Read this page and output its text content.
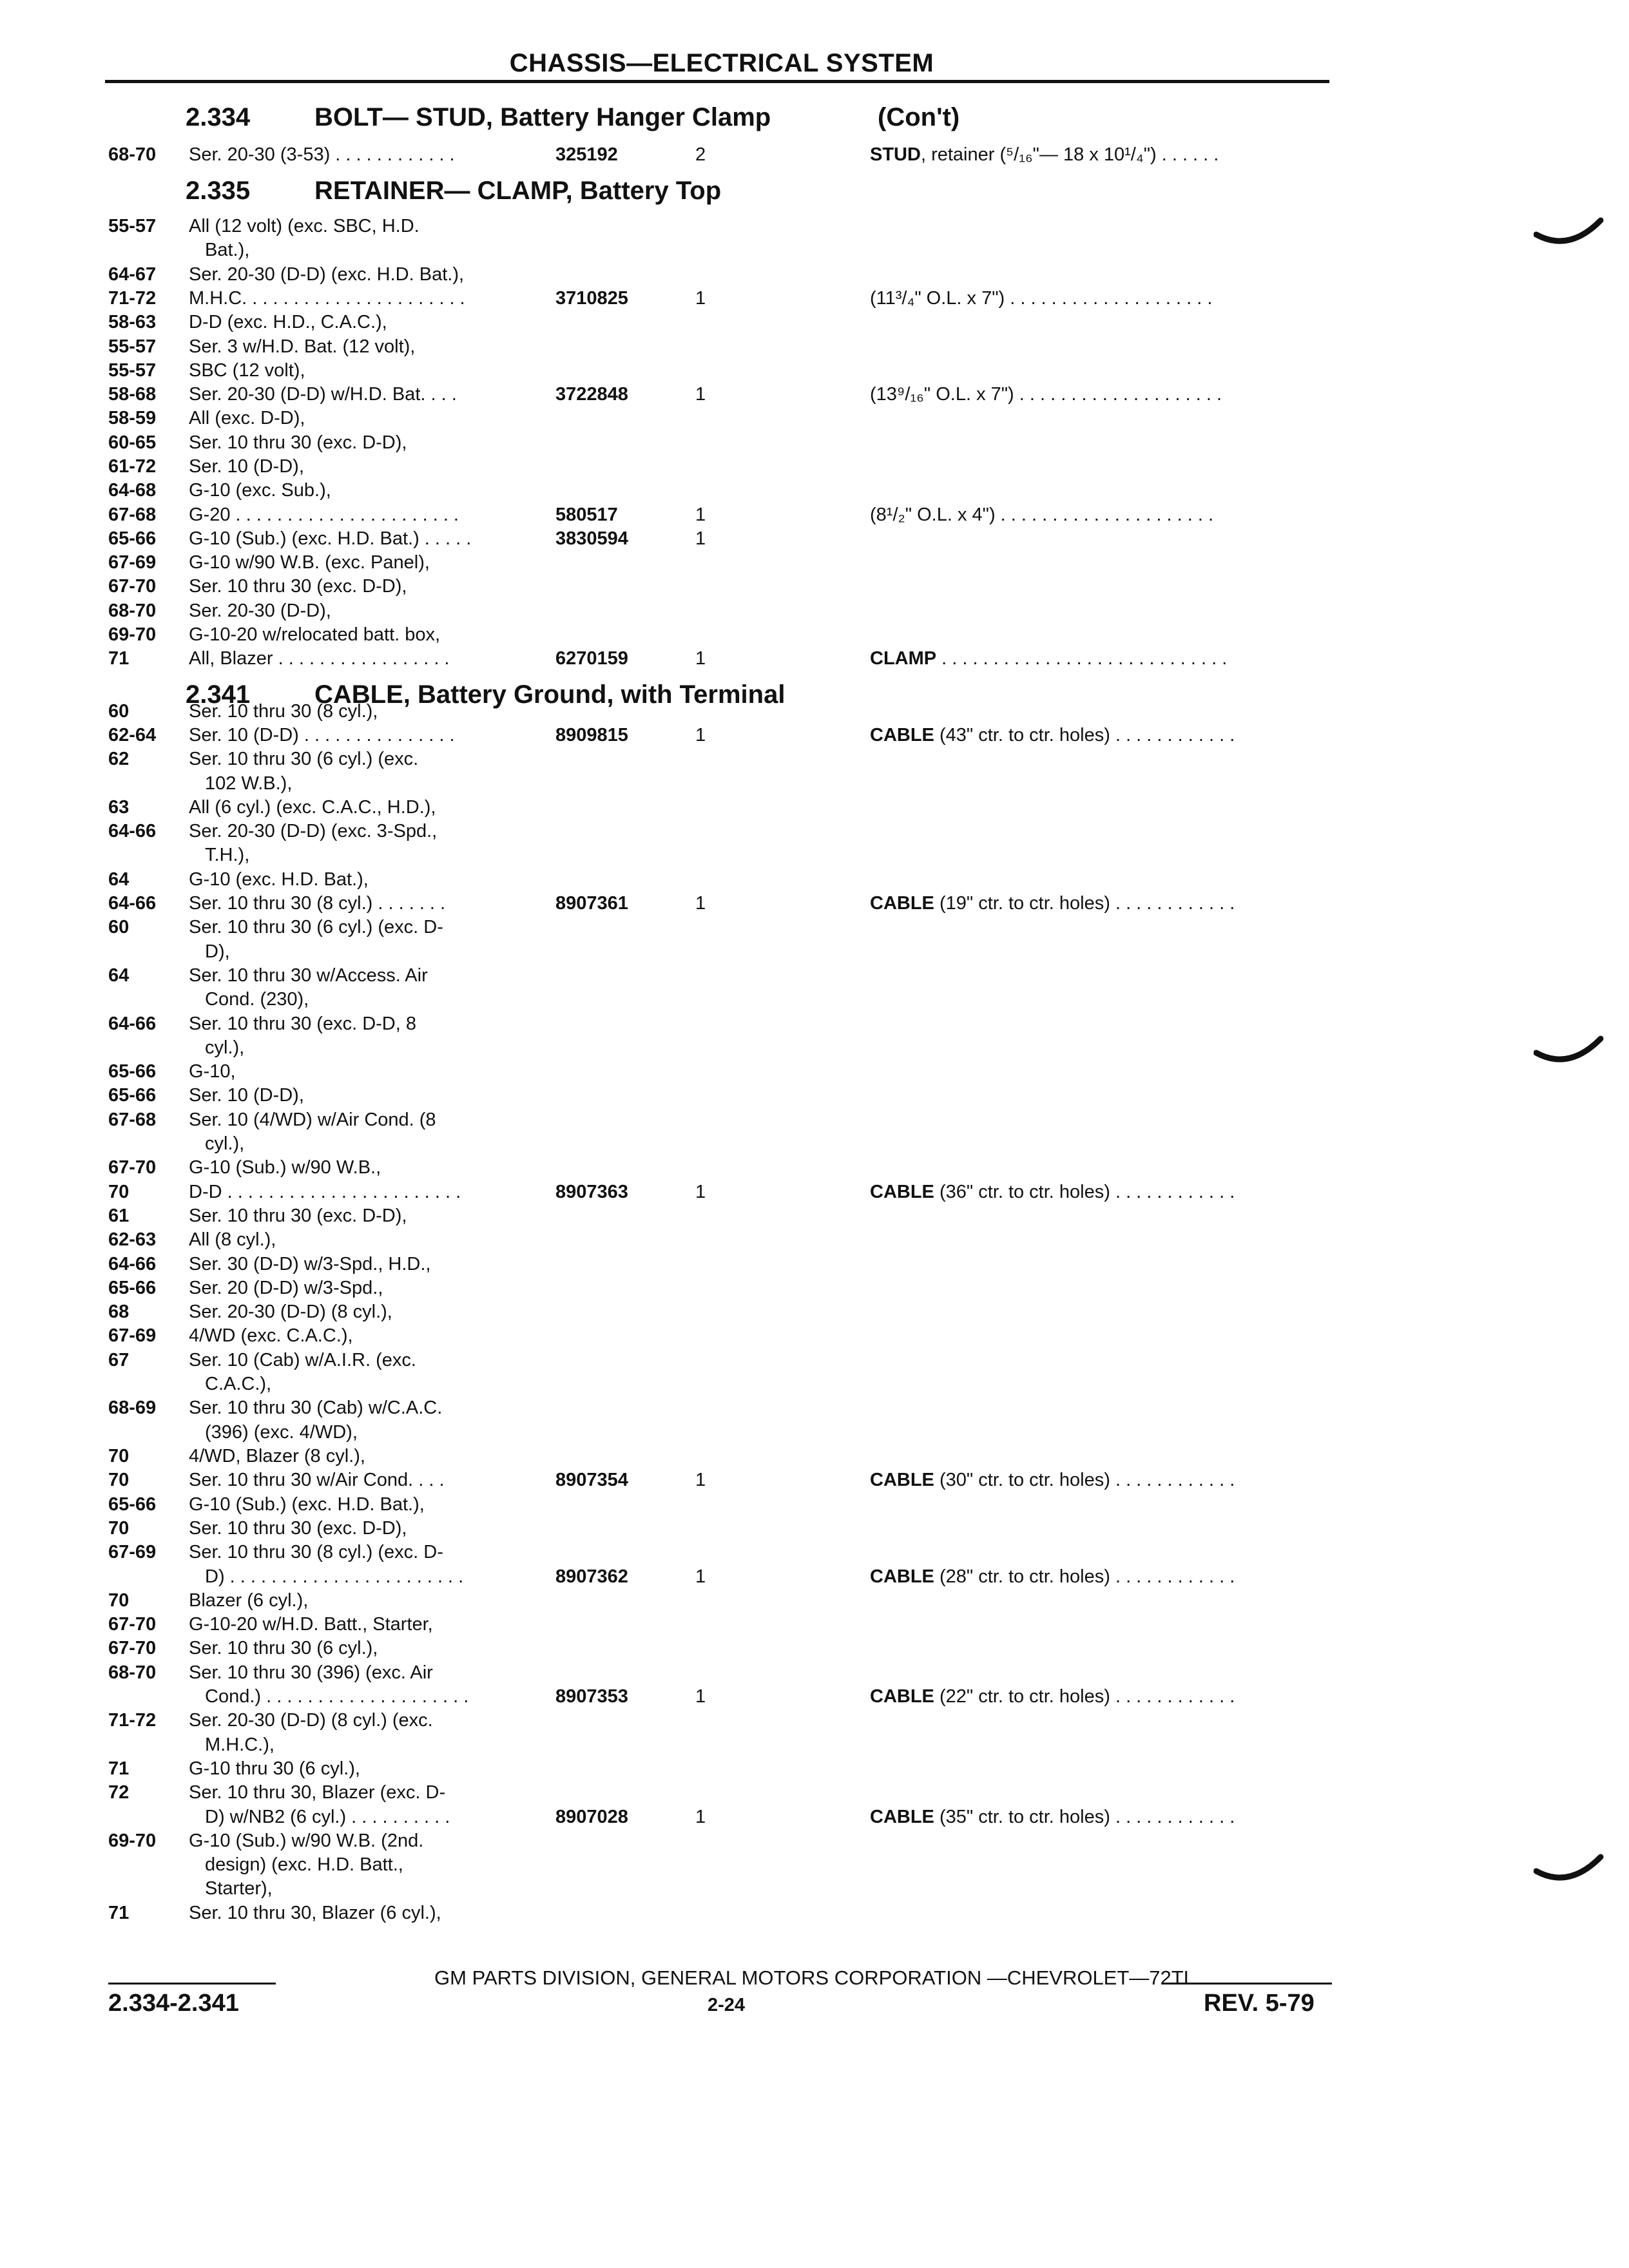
CHASSIS—ELECTRICAL SYSTEM
2.334 BOLT— STUD, Battery Hanger Clamp	(Con't)
2.335 RETAINER— CLAMP, Battery Top
2.341 CABLE, Battery Ground, with Terminal
68-70 Ser. 20-30 (3-53) . . . . . . . . . . . .	325192	2	STUD, retainer (⁵/₁₆"— 18 x 10¹/₄") . . . . . .
55-57 All (12 volt) (exc. SBC, H.D.
Bat.),
64-67 Ser. 20-30 (D-D) (exc. H.D. Bat.),
71-72 M.H.C. . . . . . . . . . . . . . . . . . . . . .	3710825	1	(11³/₄" O.L. x 7") . . . . . . . . . . . . . . . . . . . .
58-63 D-D (exc. H.D., C.A.C.),
55-57 Ser. 3 w/H.D. Bat. (12 volt),
55-57 SBC (12 volt),
58-68 Ser. 20-30 (D-D) w/H.D. Bat. . . .	3722848	1	(13⁹/₁₆" O.L. x 7") . . . . . . . . . . . . . . . . . . . .
58-59 All (exc. D-D),
60-65 Ser. 10 thru 30 (exc. D-D),
61-72 Ser. 10 (D-D),
64-68 G-10 (exc. Sub.),
67-68 G-20 . . . . . . . . . . . . . . . . . . . . . .	580517	1	(8¹/₂" O.L. x 4") . . . . . . . . . . . . . . . . . . . . .
65-66 G-10 (Sub.) (exc. H.D. Bat.) . . . . .	3830594	1
67-69 G-10 w/90 W.B. (exc. Panel),
67-70 Ser. 10 thru 30 (exc. D-D),
68-70 Ser. 20-30 (D-D),
69-70 G-10-20 w/relocated batt. box,
71	All, Blazer . . . . . . . . . . . . . . . . .	6270159	1	CLAMP . . . . . . . . . . . . . . . . . . . . . . . . . . . .
60	Ser. 10 thru 30 (8 cyl.),
62-64 Ser. 10 (D-D) . . . . . . . . . . . . . . .	8909815	1	CABLE (43" ctr. to ctr. holes) . . . . . . . . . . . .
62	Ser. 10 thru 30 (6 cyl.) (exc.
102 W.B.),
63	All (6 cyl.) (exc. C.A.C., H.D.),
64-66 Ser. 20-30 (D-D) (exc. 3-Spd.,
T.H.),
64	G-10 (exc. H.D. Bat.),
64-66 Ser. 10 thru 30 (8 cyl.) . . . . . . .	8907361	1	CABLE (19" ctr. to ctr. holes) . . . . . . . . . . . .
60	Ser. 10 thru 30 (6 cyl.) (exc. D-
D),
64	Ser. 10 thru 30 w/Access. Air
Cond. (230),
64-66 Ser. 10 thru 30 (exc. D-D, 8
cyl.),
65-66 G-10,
65-66 Ser. 10 (D-D),
67-68 Ser. 10 (4/WD) w/Air Cond. (8
cyl.),
67-70 G-10 (Sub.) w/90 W.B.,
70	D-D . . . . . . . . . . . . . . . . . . . . . . .	8907363	1	CABLE (36" ctr. to ctr. holes) . . . . . . . . . . . .
61	Ser. 10 thru 30 (exc. D-D),
62-63 All (8 cyl.),
64-66 Ser. 30 (D-D) w/3-Spd., H.D.,
65-66 Ser. 20 (D-D) w/3-Spd.,
68	Ser. 20-30 (D-D) (8 cyl.),
67-69 4/WD (exc. C.A.C.),
67	Ser. 10 (Cab) w/A.I.R. (exc.
C.A.C.),
68-69 Ser. 10 thru 30 (Cab) w/C.A.C.
(396) (exc. 4/WD),
70	4/WD, Blazer (8 cyl.),
70	Ser. 10 thru 30 w/Air Cond. . . .	8907354	1	CABLE (30" ctr. to ctr. holes) . . . . . . . . . . . .
65-66 G-10 (Sub.) (exc. H.D. Bat.),
70	Ser. 10 thru 30 (exc. D-D),
67-69 Ser. 10 thru 30 (8 cyl.) (exc. D-
D) . . . . . . . . . . . . . . . . . . . . . . .	8907362	1	CABLE (28" ctr. to ctr. holes) . . . . . . . . . . . .
70	Blazer (6 cyl.),
67-70 G-10-20 w/H.D. Batt., Starter,
67-70 Ser. 10 thru 30 (6 cyl.),
68-70 Ser. 10 thru 30 (396) (exc. Air
Cond.) . . . . . . . . . . . . . . . . . . . .	8907353	1	CABLE (22" ctr. to ctr. holes) . . . . . . . . . . . .
71-72 Ser. 20-30 (D-D) (8 cyl.) (exc.
M.H.C.),
71	G-10 thru 30 (6 cyl.),
72	Ser. 10 thru 30, Blazer (exc. D-
D) w/NB2 (6 cyl.) . . . . . . . . . .	8907028	1	CABLE (35" ctr. to ctr. holes) . . . . . . . . . . . .
69-70 G-10 (Sub.) w/90 W.B. (2nd.
design) (exc. H.D. Batt.,
Starter),
71	Ser. 10 thru 30, Blazer (6 cyl.),
GM PARTS DIVISION, GENERAL MOTORS CORPORATION —CHEVROLET—72TL
2.334-2.341	2-24	REV. 5-79
